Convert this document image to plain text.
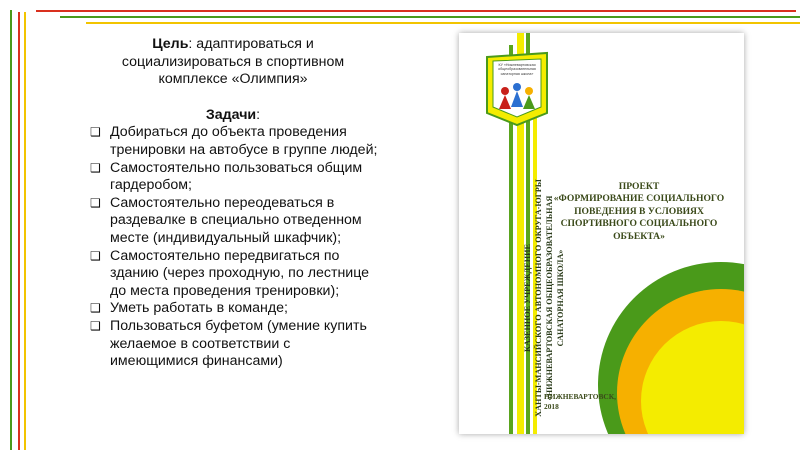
Цель: адаптироваться и социализироваться в спортивном комплексе «Олимпия»
Задачи:
❑ Добираться до объекта проведения тренировки на автобусе в группе людей;
❑ Самостоятельно пользоваться общим гардеробом;
❑ Самостоятельно переодеваться в раздевалке в специально отведенном месте (индивидуальный шкафчик);
❑ Самостоятельно передвигаться по зданию (через проходную, по лестнице до места проведения тренировки);
❑ Уметь работать в команде;
❑ Пользоваться буфетом (умение купить желаемое в соответствии с имеющимися финансами)
КУ «Нижневартовская общеобразовательная санаторная школа»
КАЗЕННОЕ УЧРЕЖДЕНИЕ ХАНТЫ-МАНСИЙСКОГО АВТОНОМНОГО ОКРУГА-ЮГРЫ «НИЖНЕВАРТОВСКАЯ ОБЩЕОБРАЗОВАТЕЛЬНАЯ САНАТОРНАЯ ШКОЛА»
ПРОЕКТ
«ФОРМИРОВАНИЕ СОЦИАЛЬНОГО
ПОВЕДЕНИЯ В УСЛОВИЯХ
СПОРТИВНОГО СОЦИАЛЬНОГО
ОБЪЕКТА»
НИЖНЕВАРТОВСК,
2018
